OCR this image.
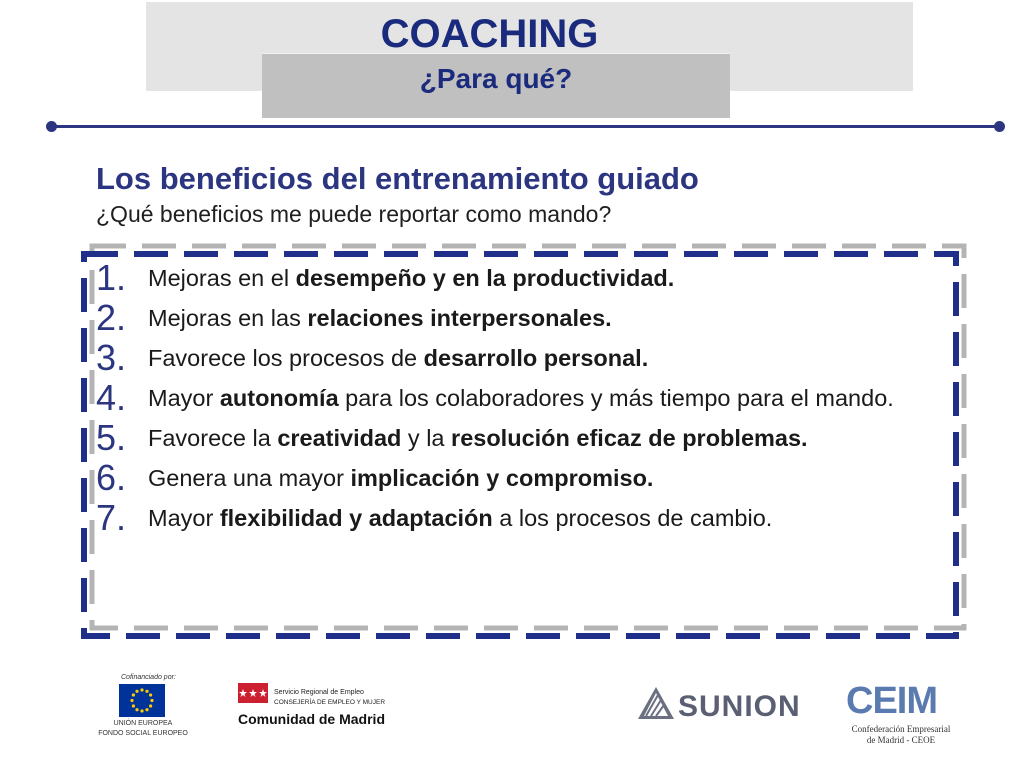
COACHING
¿Para qué?
Los beneficios del entrenamiento guiado

¿Qué beneficios me puede reportar como mando?

1. Mejoras en el desempeño y en la productividad.
2. Mejoras en las relaciones interpersonales.
3. Favorece los procesos de desarrollo personal.
4. Mayor autonomía para los colaboradores y más tiempo para el mando.
5. Favorece la creatividad y la resolución eficaz de problemas.
6. Genera una mayor implicación y compromiso.
7. Mayor flexibilidad y adaptación a los procesos de cambio.
Cofinanciado por:
UNIÓN EUROPEA
FONDO SOCIAL EUROPEO
Servicio Regional de Empleo
CONSEJERÍA DE EMPLEO Y MUJER
Comunidad de Madrid	SUNION CEIM
Confederación Empresarial
de Madrid - CEOE
